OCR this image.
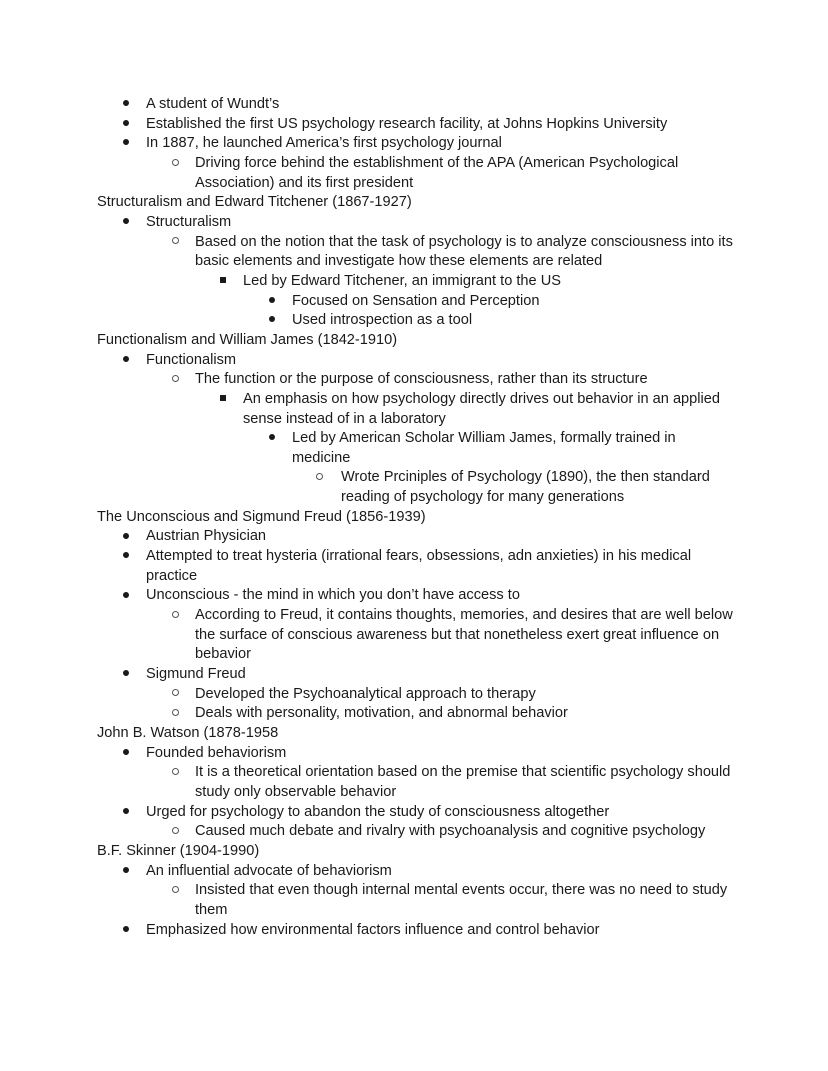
A student of Wundt’s
Established the first US psychology research facility, at Johns Hopkins University
In 1887, he launched America’s first psychology journal
Driving force behind the establishment of the APA (American Psychological Association) and its first president

Structuralism and Edward Titchener (1867-1927)

Structuralism
Based on the notion that the task of psychology is to analyze consciousness into its basic elements and investigate how these elements are related
Led by Edward Titchener, an immigrant to the US
Focused on Sensation and Perception
Used introspection as a tool

Functionalism and William James (1842-1910)

Functionalism
The function or the purpose of consciousness, rather than its structure
An emphasis on how psychology directly drives out behavior in an applied sense instead of in a laboratory
Led by American Scholar William James, formally trained in medicine
Wrote Prciniples of Psychology (1890), the then standard reading of psychology for many generations

The Unconscious and Sigmund Freud (1856-1939)

Austrian Physician
Attempted to treat hysteria (irrational fears, obsessions, adn anxieties) in his medical practice
Unconscious - the mind in which you don’t have access to
According to Freud, it contains thoughts, memories, and desires that are well below the surface of conscious awareness but that nonetheless exert great influence on bebavior
Sigmund Freud
Developed the Psychoanalytical approach to therapy
Deals with personality, motivation, and abnormal behavior

John B. Watson (1878-1958

Founded behaviorism
It is a theoretical orientation based on the premise that scientific psychology should study only observable behavior
Urged for psychology to abandon the study of consciousness altogether
Caused much debate and rivalry with psychoanalysis and cognitive psychology

B.F. Skinner (1904-1990)

An influential advocate of behaviorism
Insisted that even though internal mental events occur, there was no need to study them
Emphasized how environmental factors influence and control behavior
